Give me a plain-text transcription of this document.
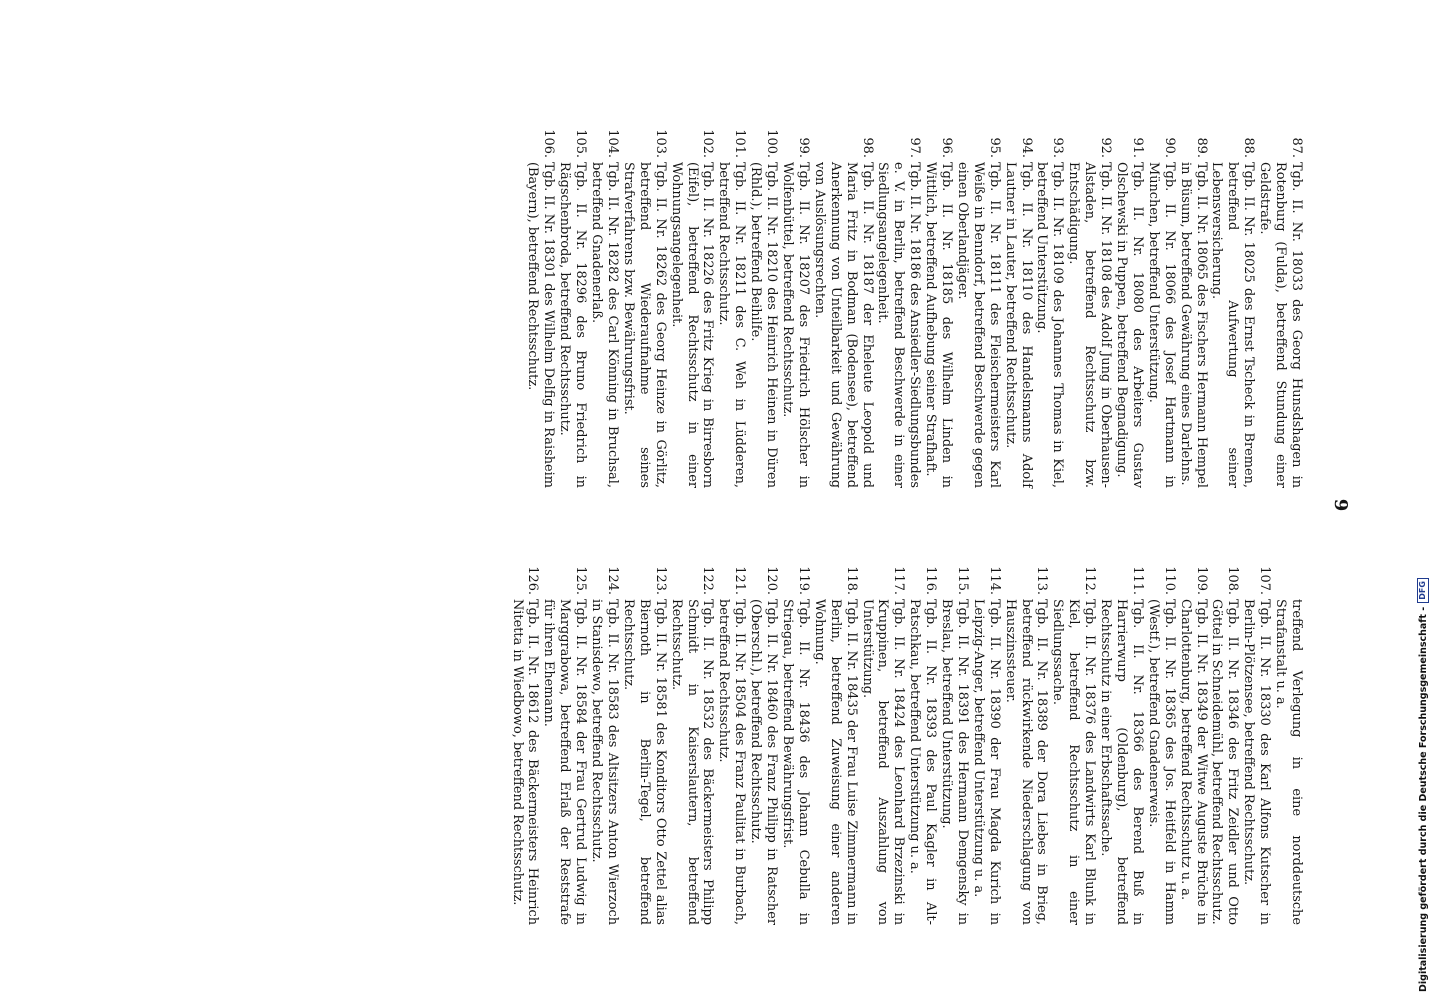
9

87.
Tgb. II. Nr. 18033 des Georg Hunsdshagen in Rotenburg (Fulda), betreffend Stundung einer Geldstrafe.

88.
Tgb. II. Nr. 18025 des Ernst Tscheck in Bremen, betreffend Aufwertung seiner Lebensversicherung.

89.
Tgb. II. Nr. 18065 des Fischers Hermann Hempel in Büsum, betreffend Gewährung eines Darlehns.

90.
Tgb. II. Nr. 18066 des Josef Hartmann in München, betreffend Unterstützung.

91.
Tgb. II. Nr. 18080 des Arbeiters Gustav Olschewski in Puppen, betreffend Begnadigung.

92.
Tgb. II. Nr. 18108 des Adolf Jung in Oberhausen-Alstaden, betreffend Rechtsschutz bzw. Entschädigung.

93.
Tgb. II. Nr. 18109 des Johannes Thomas in Kiel, betreffend Unterstützung.

94.
Tgb. II. Nr. 18110 des Handelsmanns Adolf Lautner in Lauter, betreffend Rechtsschutz.

95.
Tgb. II. Nr. 18111 des Fleischermeisters Karl Weiße in Benndorf, betreffend Beschwerde gegen einen Oberlandjäger.

96.
Tgb. II. Nr. 18185 des Wilhelm Linden in Wittlich, betreffend Aufhebung seiner Strafhaft.

97.
Tgb. II. Nr. 18186 des Ansiedler-Siedlungsbundes e. V. in Berlin, betreffend Beschwerde in einer Siedlungsangelegenheit.

98.
Tgb. II. Nr. 18187 der Eheleute Leopold und Maria Fritz in Bodman (Bodensee), betreffend Anerkennung von Unteilbarkeit und Gewährung von Auslösungsrechten.

99.
Tgb. II. Nr. 18207 des Friedrich Hölscher in Wolfenbüttel, betreffend Rechtsschutz.

100.
Tgb. II. Nr. 18210 des Heinrich Heinen in Düren (Rhld.), betreffend Beihilfe.

101.
Tgb. II. Nr. 18211 des C. Weh in Lüdderen, betreffend Rechtsschutz.

102.
Tgb. II. Nr. 18226 des Fritz Krieg in Birresborn (Eifel), betreffend Rechtsschutz in einer Wohnungsangelegenheit.

103.
Tgb. II. Nr. 18262 des Georg Heinze in Görlitz, betreffend Wiederaufnahme seines Strafverfahrens bzw. Bewährungsfrist.

104.
Tgb. II. Nr. 18282 des Carl Könning in Bruchsal, betreffend Gnadenerlaß.

105.
Tgb. II. Nr. 18296 des Bruno Friedrich in Rägschenbroda, betreffend Rechtsschutz.

106.
Tgb. II. Nr. 18301 des Wilhelm Delfig in Raisheim (Bayern), betreffend Rechtsschutz.

treffend Verlegung in eine norddeutsche Strafanstalt u. a.

107.
Tgb. II. Nr. 18330 des Karl Alfons Kutscher in Berlin-Plötzensee, betreffend Rechtsschutz.

108.
Tgb. II. Nr. 18346 des Fritz Zeidler und Otto Göttel in Schneidemühl, betreffend Rechtsschutz.

109.
Tgb. II. Nr. 18349 der Witwe Auguste Brüche in Charlottenburg, betreffend Rechtsschutz u. a.

110.
Tgb. II. Nr. 18365 des Jos. Heitfeld in Hamm (Westf.), betreffend Gnadenerweis.

111.
Tgb. II. Nr. 18366 des Berend Buß in Harrierwurp (Oldenburg), betreffend Rechtsschutz in einer Erbschaftssache.

112.
Tgb. II. Nr. 18376 des Landwirts Karl Blunk in Kiel, betreffend Rechtsschutz in einer Siedlungssache.

113.
Tgb. II. Nr. 18389 der Dora Liebes in Brieg, betreffend rückwirkende Niederschlagung von Hauszinssteuer.

114.
Tgb. II. Nr. 18390 der Frau Magda Kurich in Leipzig-Anger, betreffend Unterstützung u. a.

115.
Tgb. II. Nr. 18391 des Hermann Demgensky in Breslau, betreffend Unterstützung.

116.
Tgb. II. Nr. 18393 des Paul Kagler in Alt-Patschkau, betreffend Unterstützung u. a.

117.
Tgb. II. Nr. 18424 des Leonhard Brzezinski in Kruppinen, betreffend Auszahlung von Unterstützung.

118.
Tgb. II. Nr. 18435 der Frau Luise Zimmermann in Berlin, betreffend Zuweisung einer anderen Wohnung.

119.
Tgb. II. Nr. 18436 des Johann Cebulla in Striegau, betreffend Bewährungsfrist.

120.
Tgb. II. Nr. 18460 des Franz Philipp in Ratscher (Oberschl.), betreffend Rechtsschutz.

121.
Tgb. II. Nr. 18504 des Franz Paulitat in Burbach, betreffend Rechtsschutz.

122.
Tgb. II. Nr. 18532 des Bäckermeisters Philipp Schmidt in Kaiserslautern, betreffend Rechtsschutz.

123.
Tgb. II. Nr. 18581 des Konditors Otto Zettel alias Biernoth in Berlin-Tegel, betreffend Rechtsschutz.

124.
Tgb. II. Nr. 18583 des Altsitzers Anton Wierzoch in Stanisdewo, betreffend Rechtsschutz.

125.
Tgb. II. Nr. 18584 der Frau Gertrud Ludwig in Marggrabowa, betreffend Erlaß der Reststrafe für ihren Ehemann.

126.
Tgb. II. Nr. 18612 des Bäckermeisters Heinrich Nitetta in Wiedbowo, betreffend Rechtsschutz.	Digitalisierung gefördert durch die Deutsche Forschungsgemeinschaft -
DFG
